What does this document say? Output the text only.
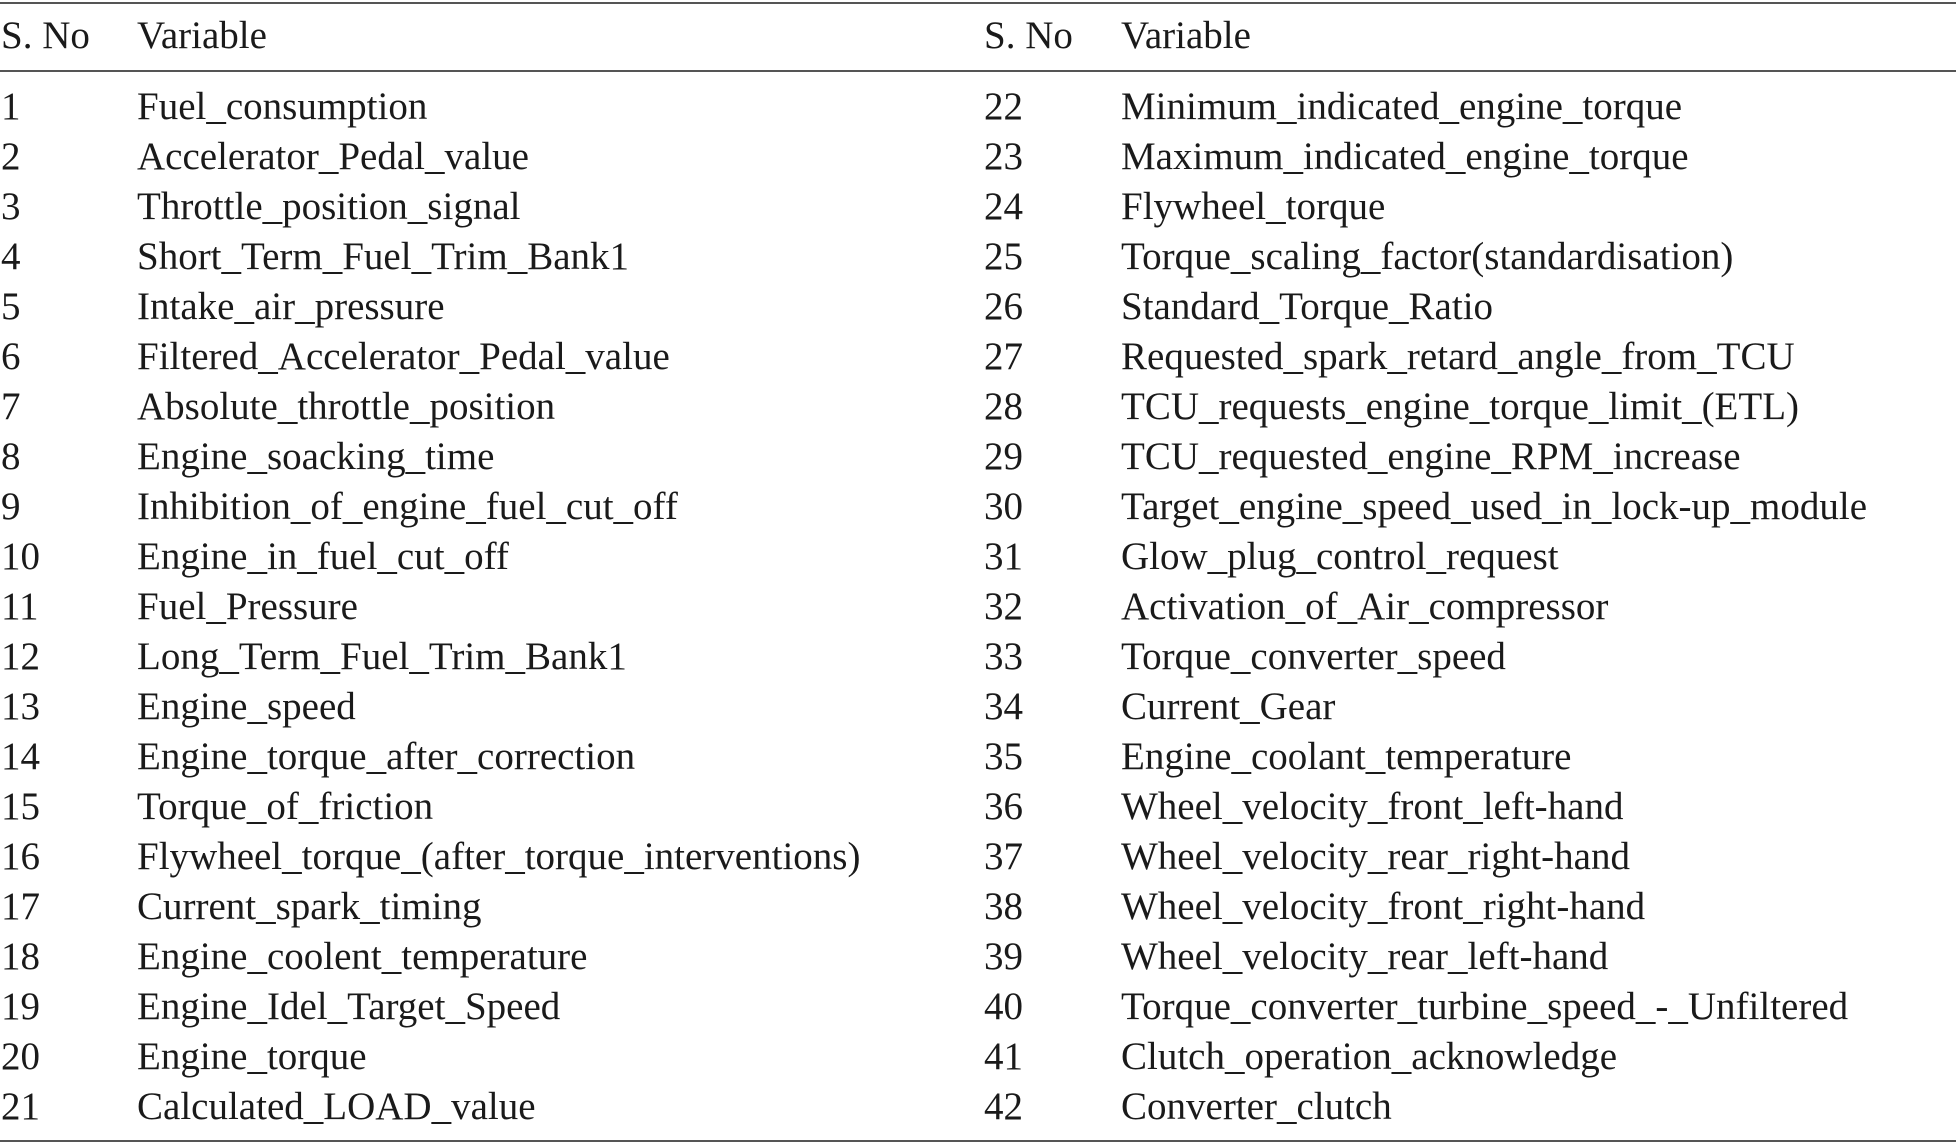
S. No	Variable	S. No	Variable
1	Fuel_consumption	22	Minimum_indicated_engine_torque
2	Accelerator_Pedal_value	23	Maximum_indicated_engine_torque
3	Throttle_position_signal	24	Flywheel_torque
4	Short_Term_Fuel_Trim_Bank1	25	Torque_scaling_factor(standardisation)
5	Intake_air_pressure	26	Standard_Torque_Ratio
6	Filtered_Accelerator_Pedal_value	27	Requested_spark_retard_angle_from_TCU
7	Absolute_throttle_position	28	TCU_requests_engine_torque_limit_(ETL)
8	Engine_soacking_time	29	TCU_requested_engine_RPM_increase
9	Inhibition_of_engine_fuel_cut_off	30	Target_engine_speed_used_in_lock-up_module
10	Engine_in_fuel_cut_off	31	Glow_plug_control_request
11	Fuel_Pressure	32	Activation_of_Air_compressor
12	Long_Term_Fuel_Trim_Bank1	33	Torque_converter_speed
13	Engine_speed	34	Current_Gear
14	Engine_torque_after_correction	35	Engine_coolant_temperature
15	Torque_of_friction	36	Wheel_velocity_front_left-hand
16	Flywheel_torque_(after_torque_interventions)	37	Wheel_velocity_rear_right-hand
17	Current_spark_timing	38	Wheel_velocity_front_right-hand
18	Engine_coolent_temperature	39	Wheel_velocity_rear_left-hand
19	Engine_Idel_Target_Speed	40	Torque_converter_turbine_speed_-_Unfiltered
20	Engine_torque	41	Clutch_operation_acknowledge
21	Calculated_LOAD_value	42	Converter_clutch
